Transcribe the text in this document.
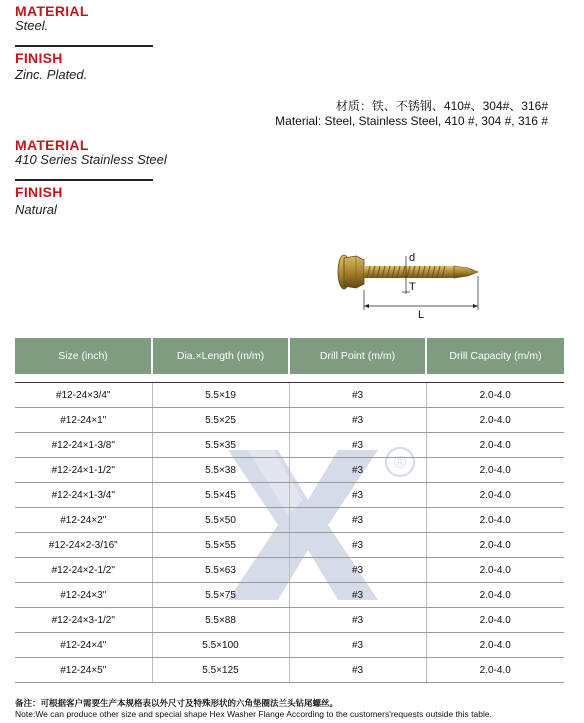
MATERIAL
Steel.
FINISH
Zinc. Plated.
材质：铁、不锈钢、410#、304#、316#
Material: Steel, Stainless Steel, 410 #, 304 #, 316 #
MATERIAL
410 Series Stainless Steel
FINISH
Natural
d
T
L
®
Size (inch)	Dia.×Length (m/m)	Drill Point (m/m)	Drill Capacity (m/m)

#12-24×3/4"	5.5×19	#3	2.0-4.0
#12-24×1"	5.5×25	#3	2.0-4.0
#12-24×1-3/8"	5.5×35	#3	2.0-4.0
#12-24×1-1/2"	5.5×38	#3	2.0-4.0
#12-24×1-3/4"	5.5×45	#3	2.0-4.0
#12-24×2"	5.5×50	#3	2.0-4.0
#12-24×2-3/16"	5.5×55	#3	2.0-4.0
#12-24×2-1/2"	5.5×63	#3	2.0-4.0
#12-24×3"	5.5×75	#3	2.0-4.0
#12-24×3-1/2"	5.5×88	#3	2.0-4.0
#12-24×4"	5.5×100	#3	2.0-4.0
#12-24×5"	5.5×125	#3	2.0-4.0
备注：可根据客户需要生产本规格表以外尺寸及特殊形状的六角垫圈法兰头钻尾螺丝。
Note:We can produce other size and special shape Hex Washer Flange According to the customers'requests outside this table.
